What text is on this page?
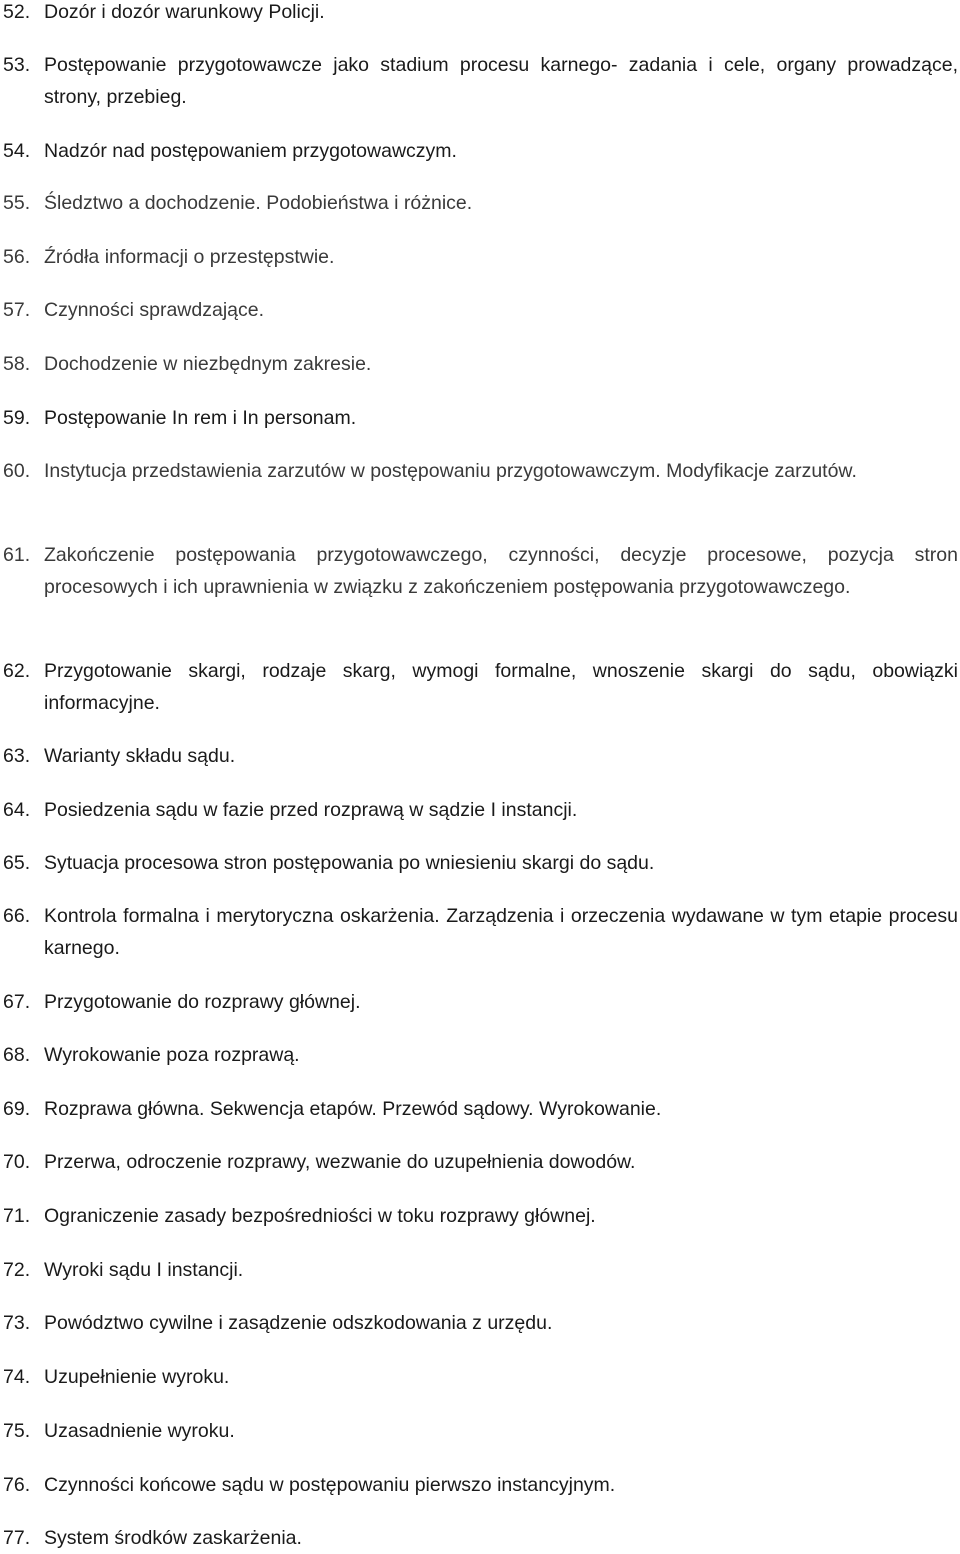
52. Dozór i dozór warunkowy Policji.
53. Postępowanie przygotowawcze jako stadium procesu karnego- zadania i cele, organy prowadzące, strony, przebieg.
54. Nadzór nad postępowaniem przygotowawczym.
55. Śledztwo a dochodzenie. Podobieństwa i różnice.
56. Źródła informacji o przestępstwie.
57. Czynności sprawdzające.
58. Dochodzenie w niezbędnym zakresie.
59. Postępowanie In rem i In personam.
60. Instytucja przedstawienia zarzutów w postępowaniu przygotowawczym. Modyfikacje zarzutów.
61. Zakończenie postępowania przygotowawczego, czynności, decyzje procesowe, pozycja stron procesowych i ich uprawnienia w związku z zakończeniem postępowania przygotowawczego.
62. Przygotowanie skargi, rodzaje skarg, wymogi formalne, wnoszenie skargi do sądu, obowiązki informacyjne.
63. Warianty składu sądu.
64. Posiedzenia sądu w fazie przed rozprawą w sądzie I instancji.
65. Sytuacja procesowa stron postępowania po wniesieniu skargi do sądu.
66. Kontrola formalna i merytoryczna oskarżenia. Zarządzenia i orzeczenia wydawane w tym etapie procesu karnego.
67. Przygotowanie do rozprawy głównej.
68. Wyrokowanie poza rozprawą.
69. Rozprawa główna. Sekwencja etapów. Przewód sądowy. Wyrokowanie.
70. Przerwa, odroczenie rozprawy, wezwanie do uzupełnienia dowodów.
71. Ograniczenie zasady bezpośredniości w toku rozprawy głównej.
72. Wyroki sądu I instancji.
73. Powództwo cywilne i zasądzenie odszkodowania z urzędu.
74. Uzupełnienie wyroku.
75. Uzasadnienie wyroku.
76. Czynności końcowe sądu w postępowaniu pierwszo instancyjnym.
77. System środków zaskarżenia.
